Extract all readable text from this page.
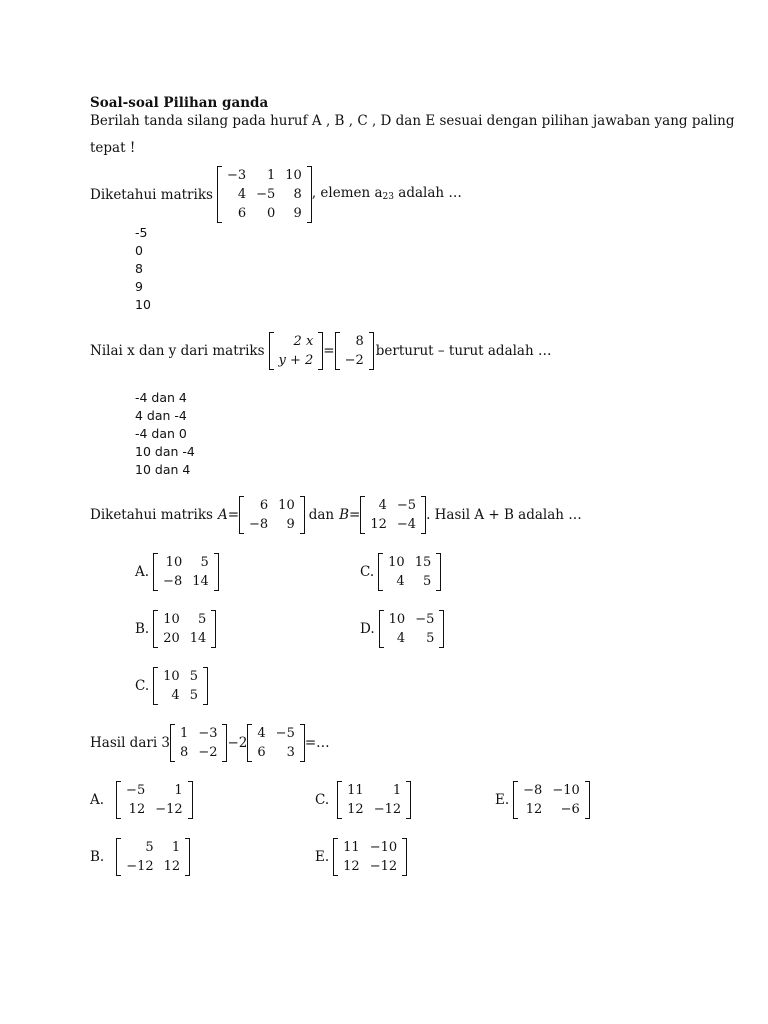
Soal-soal Pilihan ganda
Berilah tanda silang pada huruf A , B , C , D dan E sesuai dengan pilihan jawaban yang paling
tepat !
Diketahui matriks
−3	1	10
4	−5	8
6	0	9
, elemen $a_{23}$ adalah …
-5
0
8
9
10
Nilai x dan y dari matriks
2 x
y + 2
=
8
−2
berturut – turut adalah …
-4 dan 4
4 dan -4
-4 dan 0
10 dan -4
10 dan 4
Diketahui matriks A =
6	10
−8	9
dan B =
4	−5
12	−4
. Hasil A + B adalah …
A.
10	5
−8	14
C.
10	15
4	5
B.
10	5
20	14
D.
10	−5
4	5
C.
10	5
4	5
Hasil dari 3
1	−3
8	−2
−2
4	−5
6	3
=…
A.
−5	1
12	−12
C.
11	1
12	−12
E.
−8	−10
12	−6
B.
5	1
−12	12
E.
11	−10
12	−12
